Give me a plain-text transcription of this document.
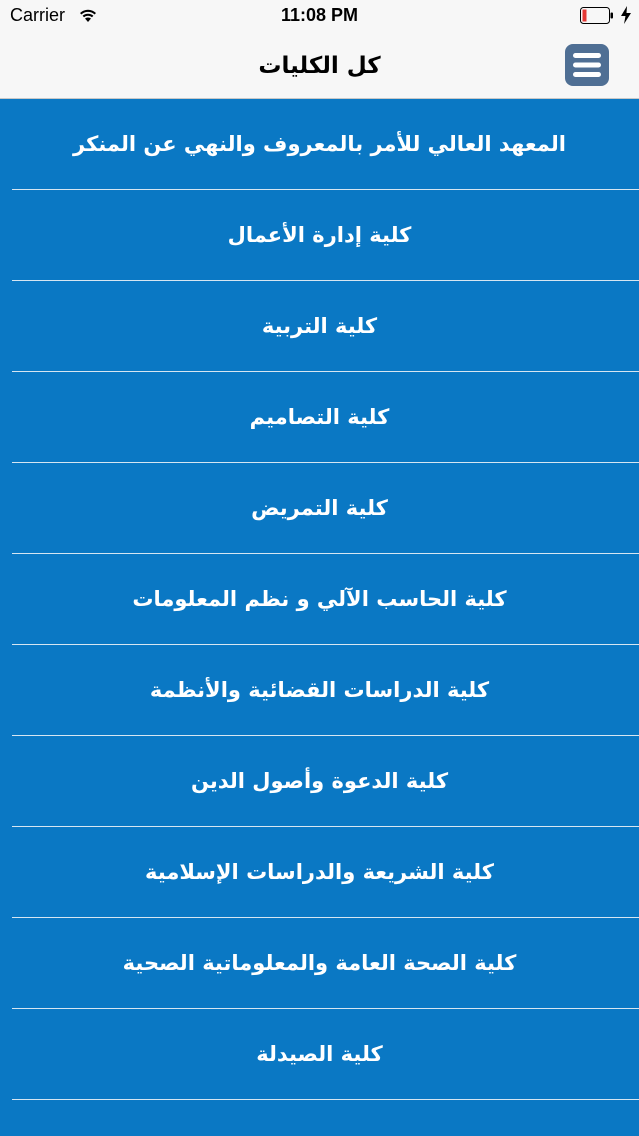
Carrier	11:08 PM
كل الكليات
المعهد العالي للأمر بالمعروف والنهي عن المنكر
كلية إدارة الأعمال
كلية التربية
كلية التصاميم
كلية التمريض
كلية الحاسب الآلي و نظم المعلومات
كلية الدراسات القضائية والأنظمة
كلية الدعوة وأصول الدين
كلية الشريعة والدراسات الإسلامية
كلية الصحة العامة والمعلوماتية الصحية
كلية الصيدلة
